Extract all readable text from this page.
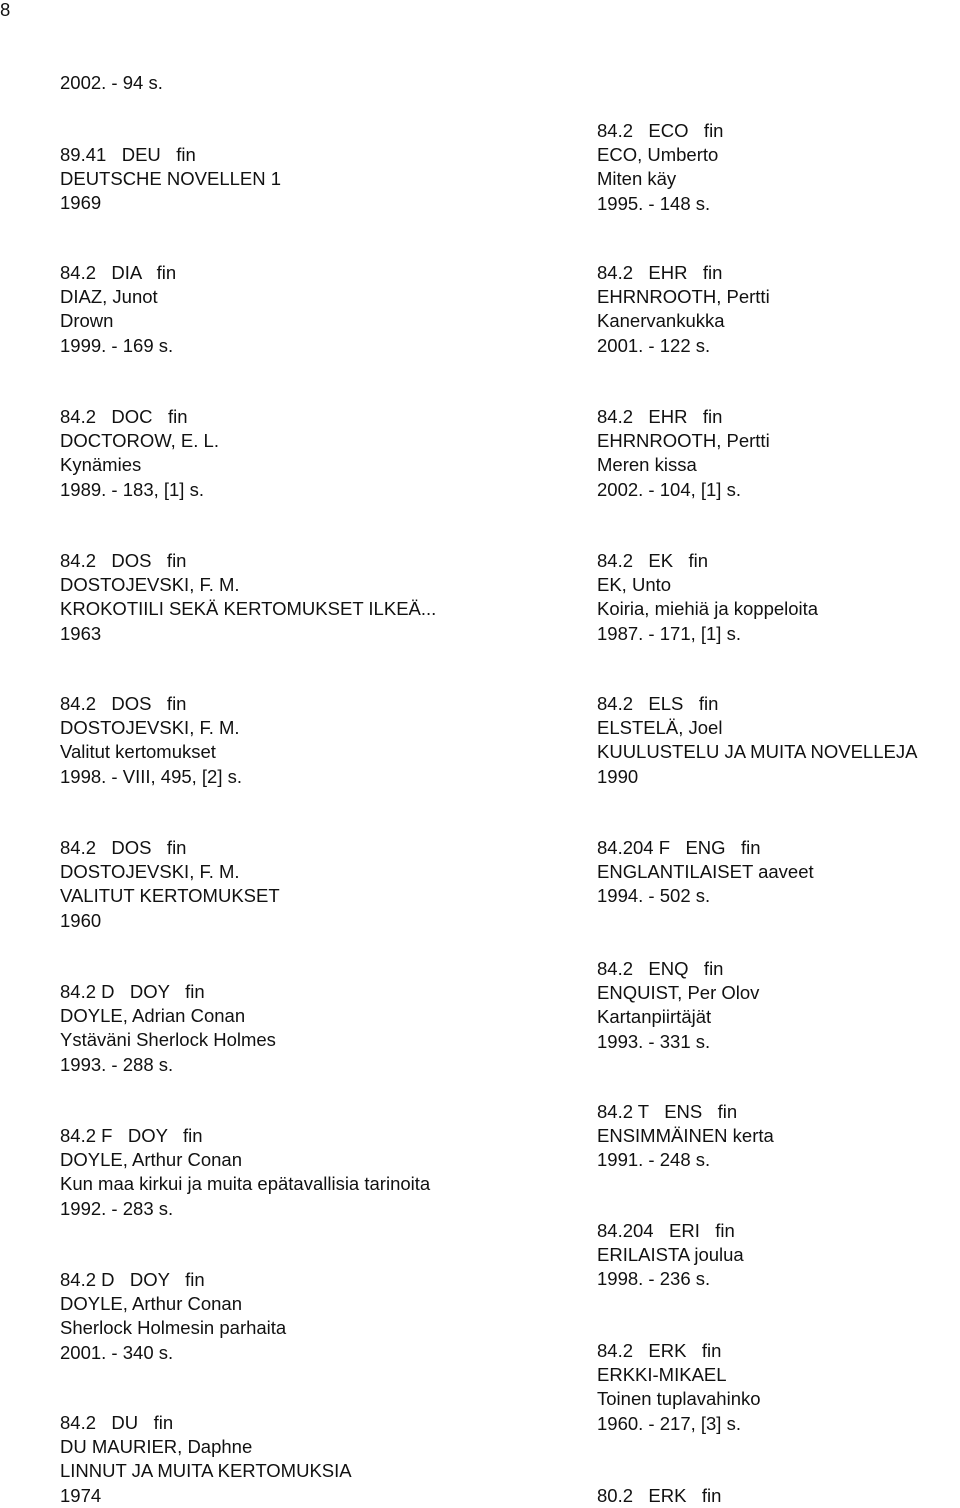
8
2002. - 94 s.
89.41   DEU   fin
DEUTSCHE NOVELLEN 1
1969
84.2   DIA   fin
DIAZ, Junot
Drown
1999. - 169 s.
84.2   DOC   fin
DOCTOROW, E. L.
Kynämies
1989. - 183, [1] s.
84.2   DOS   fin
DOSTOJEVSKI, F. M.
KROKOTIILI SEKÄ KERTOMUKSET ILKEÄ...
1963
84.2   DOS   fin
DOSTOJEVSKI, F. M.
Valitut kertomukset
1998. - VIII, 495, [2] s.
84.2   DOS   fin
DOSTOJEVSKI, F. M.
VALITUT KERTOMUKSET
1960
84.2 D   DOY   fin
DOYLE, Adrian Conan
Ystäväni Sherlock Holmes
1993. - 288 s.
84.2 F   DOY   fin
DOYLE, Arthur Conan
Kun maa kirkui ja muita epätavallisia tarinoita
1992. - 283 s.
84.2 D   DOY   fin
DOYLE, Arthur Conan
Sherlock Holmesin parhaita
2001. - 340 s.
84.2   DU   fin
DU MAURIER, Daphne
LINNUT JA MUITA KERTOMUKSIA
1974
84.2   ECO   fin
ECO, Umberto
Miten käy
1995. - 148 s.
84.2   EHR   fin
EHRNROOTH, Pertti
Kanervankukka
2001. - 122 s.
84.2   EHR   fin
EHRNROOTH, Pertti
Meren kissa
2002. - 104, [1] s.
84.2   EK   fin
EK, Unto
Koiria, miehiä ja koppeloita
1987. - 171, [1] s.
84.2   ELS   fin
ELSTELÄ, Joel
KUULUSTELU JA MUITA NOVELLEJA
1990
84.204 F   ENG   fin
ENGLANTILAISET aaveet
1994. - 502 s.
84.2   ENQ   fin
ENQUIST, Per Olov
Kartanpiirtäjät
1993. - 331 s.
84.2 T   ENS   fin
ENSIMMÄINEN kerta
1991. - 248 s.
84.204   ERI   fin
ERILAISTA joulua
1998. - 236 s.
84.2   ERK   fin
ERKKI-MIKAEL
Toinen tuplavahinko
1960. - 217, [3] s.
80.2   ERK   fin
